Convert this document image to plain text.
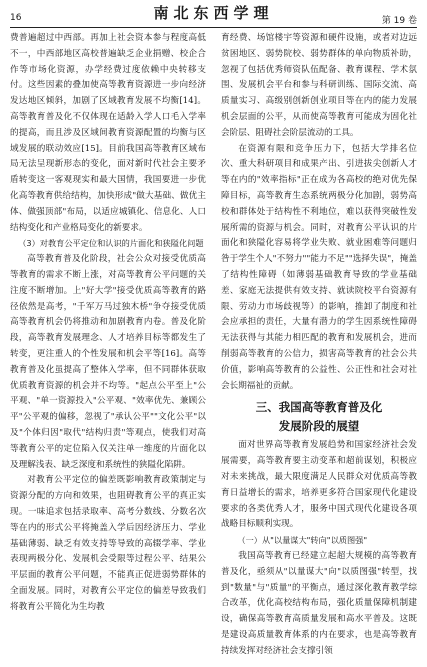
16	南北东西学理	第 19 卷

费普遍超过中西部。再加上社会资本参与程度高低不一，中西部地区高校普遍缺乏企业捐赠、校企合作等市场化资源，办学经费过度依赖中央转移支付。这些因素的叠加使高等教育资源进一步向经济发达地区倾斜，加剧了区域教育发展不均衡[14]。高等教育普及化不仅体现在适龄入学人口毛入学率的提高，而且涉及区域间教育资源配置的均衡与区域发展的联动效应[15]。目前我国高等教育区域布局无法呈现新形态的变化，面对新时代社会主要矛盾转变这一客观现实和最大国情，我国要进一步优化高等教育供给结构，加快形成"做大基础、做优主体、做强顶部"布局，以适应城镇化、信息化、人口结构变化和产业格局变化的新要求。

（3）对教育公平定位和认识的片面化和狭隘化问题

高等教育普及化阶段，社会公众对接受优质高等教育的需求不断上涨，对高等教育公平问题的关注度不断增加。上"好大学"接受优质高等教育的路径依然是高考，"千军万马过独木桥"争夺接受优质高等教育机会仍将推动和加剧教育内卷。普及化阶段，高等教育发展理念、人才培养目标等都发生了转变，更注重人的个性发展和机会平等[16]。高等教育普及化虽提高了整体入学率，但不同群体获取优质教育资源的机会并不均等。"起点公平至上"公平观、"单一资源投入"公平观、"效率优先、兼顾公平"公平观的偏移，忽视了"承认公平""文化公平"以及"个体归因"取代"结构归责"等观点，使我们对高等教育公平的定位陷入仅关注单一维度的片面化以及理解浅表、缺乏深度和系统性的狭隘化陷阱。

对教育公平定位的偏差既影响教育政策制定与资源分配的方向和效果，也阻碍教育公平的真正实现。一味追求包括录取率、高考分数线、分数名次等在内的形式公平将掩盖入学后因经济压力、学业基础薄弱、缺乏有效支持等导致的高辍学率、学业表现两极分化、发展机会受限等过程公平、结果公平层面的教育公平问题，不能真正促进弱势群体的全面发展。同时，对教育公平定位的偏差导致我们将教育公平简化为生均教

育经费、场馆楼宇等资源和硬件设施，或者对边远贫困地区、弱势院校、弱势群体的单向物质补助，忽视了包括优秀师资队伍配备、教育课程、学术氛围、发展机会平台和参与科研训练、国际交流、高质量实习、高级别创新创业项目等在内的能力发展机会层面的公平，从而使高等教育可能成为固化社会阶层、阻碍社会阶层流动的工具。

在资源有限和竞争压力下，包括大学排名位次、重大科研项目和成果产出、引进拔尖创新人才等在内的"效率指标"正在成为各高校的绝对优先保障目标，高等教育生态系统两极分化加剧，弱势高校和群体处于结构性不利地位，难以获得突破性发展所需的资源与机会。同时，对教育公平认识的片面化和狭隘化容易将学业失败、就业困难等问题归咎于学生个人"不努力""能力不足""选择失误"，掩盖了结构性障碍（如薄弱基础教育导致的学业基础差、家庭无法提供有效支持、就读院校平台资源有限、劳动力市场歧视等）的影响，推卸了制度和社会应承担的责任，大量有潜力的学生因系统性障碍无法获得与其能力相匹配的教育和发展机会，进而削弱高等教育的公信力，损害高等教育的社会公共价值，影响高等教育的公益性、公正性和社会对社会长期福祉的贡献。

三、我国高等教育普及化
发展阶段的展望

面对世界高等教育发展趋势和国家经济社会发展需要，高等教育要主动变革和超前谋划，积极应对未来挑战，最大限度满足人民群众对优质高等教育日益增长的需求，培养更多符合国家现代化建设要求的各类优秀人才，服务中国式现代化建设各项战略目标顺利实现。

（一）从"以量谋大"转向"以质图强"

我国高等教育已经建立起超大规模的高等教育普及化，亟须从"以量谋大"向"以质图强"转型，找到"数量"与"质量"的平衡点，通过深化教育教学综合改革，优化高校结构布局，强化质量保障机制建设，确保高等教育高质量发展和高水平普及。这既是建设高质量教育体系的内在要求，也是高等教育持续发挥对经济社会支撑引领
